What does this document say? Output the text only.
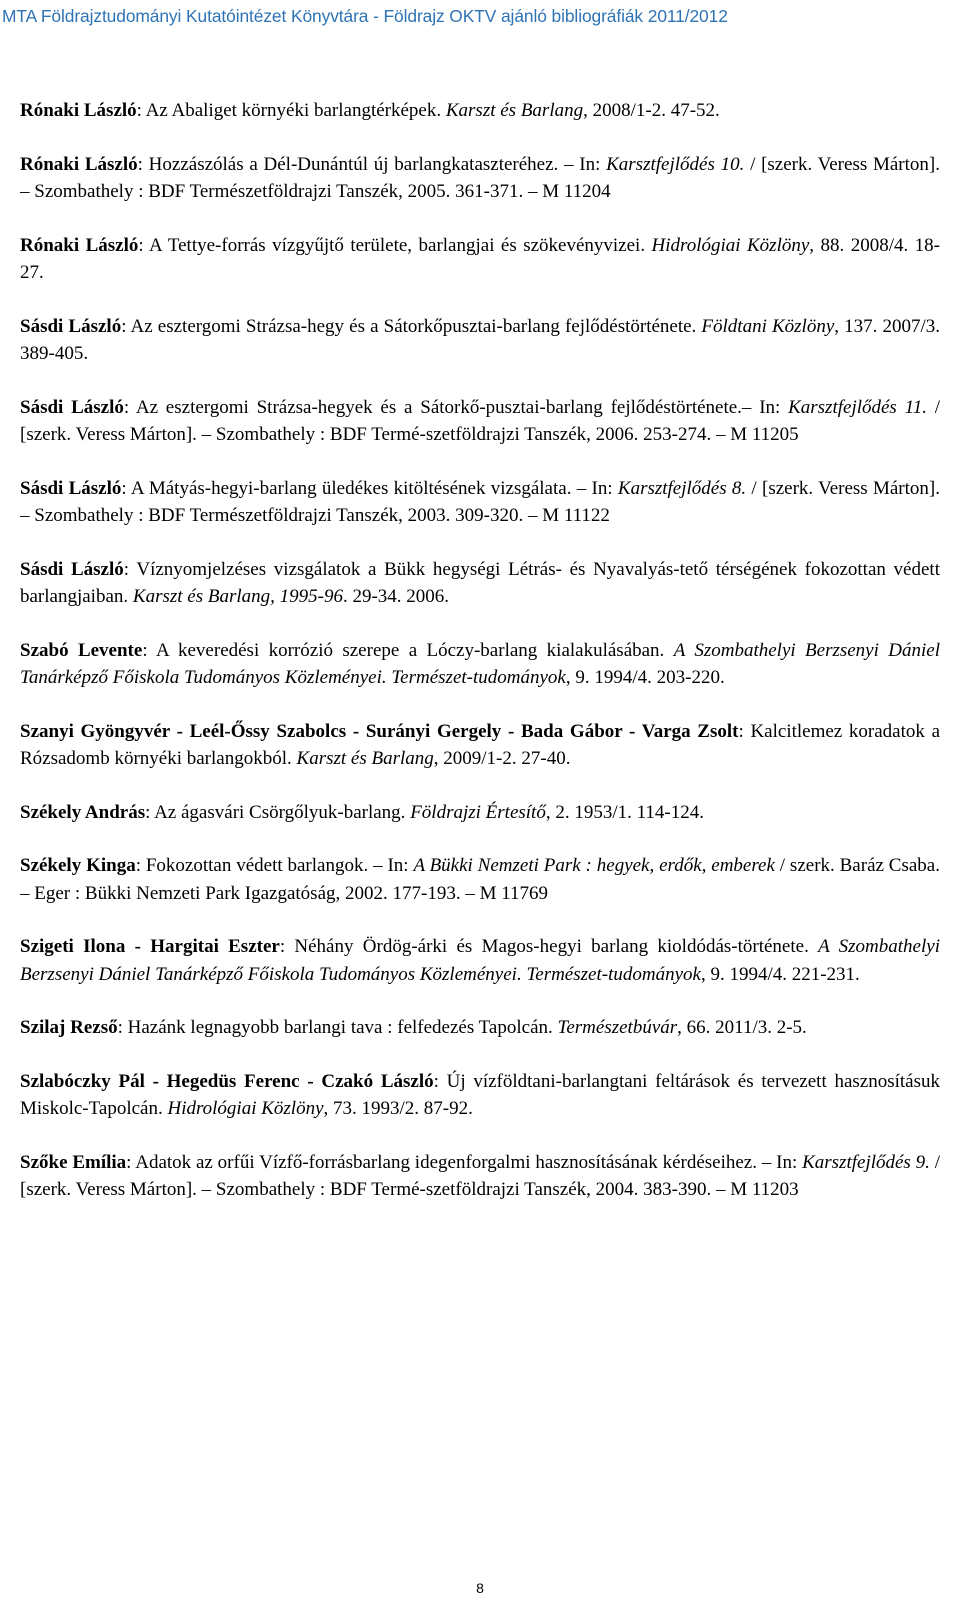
MTA Földrajztudományi Kutatóintézet Könyvtára - Földrajz OKTV ajánló bibliográfiák 2011/2012

Rónaki László: Az Abaliget környéki barlangtérképek. Karszt és Barlang, 2008/1-2. 47-52.

Rónaki László: Hozzászólás a Dél-Dunántúl új barlangkataszteréhez. – In: Karsztfejlődés 10. / [szerk. Veress Márton]. – Szombathely : BDF Természetföldrajzi Tanszék, 2005. 361-371. – M 11204

Rónaki László: A Tettye-forrás vízgyűjtő területe, barlangjai és szökevényvizei. Hidrológiai Közlöny, 88. 2008/4. 18-27.

Sásdi László: Az esztergomi Strázsa-hegy és a Sátorkőpusztai-barlang fejlődéstörténete. Földtani Közlöny, 137. 2007/3. 389-405.

Sásdi László: Az esztergomi Strázsa-hegyek és a Sátorkő-pusztai-barlang fejlődéstörténete.– In: Karsztfejlődés 11. / [szerk. Veress Márton]. – Szombathely : BDF Termé-szetföldrajzi Tanszék, 2006. 253-274. – M 11205

Sásdi László: A Mátyás-hegyi-barlang üledékes kitöltésének vizsgálata. – In: Karsztfejlődés 8. / [szerk. Veress Márton]. – Szombathely : BDF Természetföldrajzi Tanszék, 2003. 309-320. – M 11122

Sásdi László: Víznyomjelzéses vizsgálatok a Bükk hegységi Létrás- és Nyavalyás-tető térségének fokozottan védett barlangjaiban. Karszt és Barlang, 1995-96. 29-34. 2006.

Szabó Levente: A keveredési korrózió szerepe a Lóczy-barlang kialakulásában. A Szombathelyi Berzsenyi Dániel Tanárképző Főiskola Tudományos Közleményei. Természet-tudományok, 9. 1994/4. 203-220.

Szanyi Gyöngyvér - Leél-Őssy Szabolcs - Surányi Gergely - Bada Gábor - Varga Zsolt: Kalcitlemez koradatok a Rózsadomb környéki barlangokból. Karszt és Barlang, 2009/1-2. 27-40.

Székely András: Az ágasvári Csörgőlyuk-barlang. Földrajzi Értesítő, 2. 1953/1. 114-124.

Székely Kinga: Fokozottan védett barlangok. – In: A Bükki Nemzeti Park : hegyek, erdők, emberek / szerk. Baráz Csaba. – Eger : Bükki Nemzeti Park Igazgatóság, 2002. 177-193. – M 11769

Szigeti Ilona - Hargitai Eszter: Néhány Ördög-árki és Magos-hegyi barlang kioldódás-története. A Szombathelyi Berzsenyi Dániel Tanárképző Főiskola Tudományos Közleményei. Természet-tudományok, 9. 1994/4. 221-231.

Szilaj Rezső: Hazánk legnagyobb barlangi tava : felfedezés Tapolcán. Természetbúvár, 66. 2011/3. 2-5.

Szlabóczky Pál - Hegedüs Ferenc - Czakó László: Új vízföldtani-barlangtani feltárások és tervezett hasznosításuk Miskolc-Tapolcán. Hidrológiai Közlöny, 73. 1993/2. 87-92.

Szőke Emília: Adatok az orfűi Vízfő-forrásbarlang idegenforgalmi hasznosításának kérdéseihez. – In: Karsztfejlődés 9. / [szerk. Veress Márton]. – Szombathely : BDF Termé-szetföldrajzi Tanszék, 2004. 383-390. – M 11203

8
